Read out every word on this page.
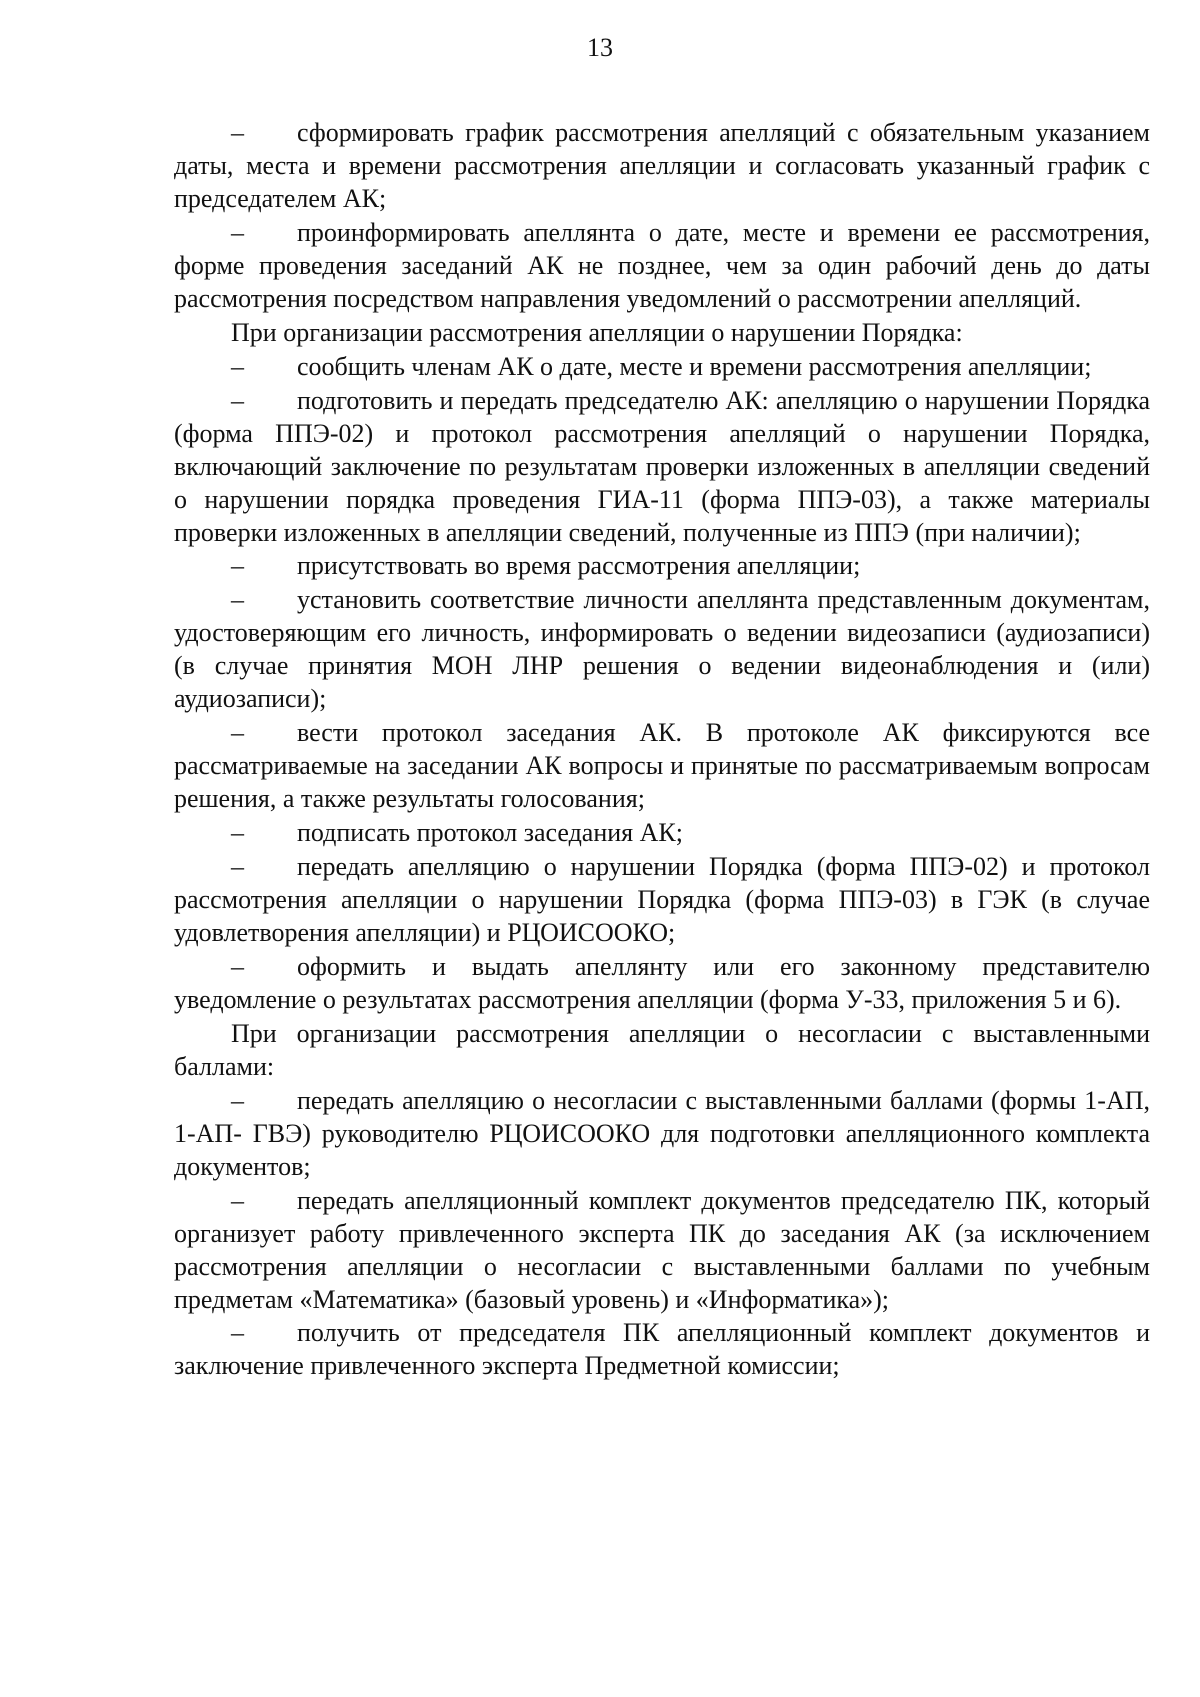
13

– сформировать график рассмотрения апелляций с обязательным указанием даты, места и времени рассмотрения апелляции и согласовать указанный график с председателем АК;

– проинформировать апеллянта о дате, месте и времени ее рассмотрения, форме проведения заседаний АК не позднее, чем за один рабочий день до даты рассмотрения посредством направления уведомлений о рассмотрении апелляций.

При организации рассмотрения апелляции о нарушении Порядка:

– сообщить членам АК о дате, месте и времени рассмотрения апелляции;

– подготовить и передать председателю АК: апелляцию о нарушении Порядка (форма ППЭ-02) и протокол рассмотрения апелляций о нарушении Порядка, включающий заключение по результатам проверки изложенных в апелляции сведений о нарушении порядка проведения ГИА-11 (форма ППЭ-03), а также материалы проверки изложенных в апелляции сведений, полученные из ППЭ (при наличии);

– присутствовать во время рассмотрения апелляции;

– установить соответствие личности апеллянта представленным документам, удостоверяющим его личность, информировать о ведении видеозаписи (аудиозаписи) (в случае принятия МОН ЛНР решения о ведении видеонаблюдения и (или) аудиозаписи);

– вести протокол заседания АК. В протоколе АК фиксируются все рассматриваемые на заседании АК вопросы и принятые по рассматриваемым вопросам решения, а также результаты голосования;

– подписать протокол заседания АК;

– передать апелляцию о нарушении Порядка (форма ППЭ-02) и протокол рассмотрения апелляции о нарушении Порядка (форма ППЭ-03) в ГЭК (в случае удовлетворения апелляции) и РЦОИСООКО;

– оформить и выдать апеллянту или его законному представителю уведомление о результатах рассмотрения апелляции (форма У-33, приложения 5 и 6).

При организации рассмотрения апелляции о несогласии с выставленными баллами:

– передать апелляцию о несогласии с выставленными баллами (формы 1-АП, 1-АП- ГВЭ) руководителю РЦОИСООКО для подготовки апелляционного комплекта документов;

– передать апелляционный комплект документов председателю ПК, который организует работу привлеченного эксперта ПК до заседания АК (за исключением рассмотрения апелляции о несогласии с выставленными баллами по учебным предметам «Математика» (базовый уровень) и «Информатика»);

– получить от председателя ПК апелляционный комплект документов и заключение привлеченного эксперта Предметной комиссии;
